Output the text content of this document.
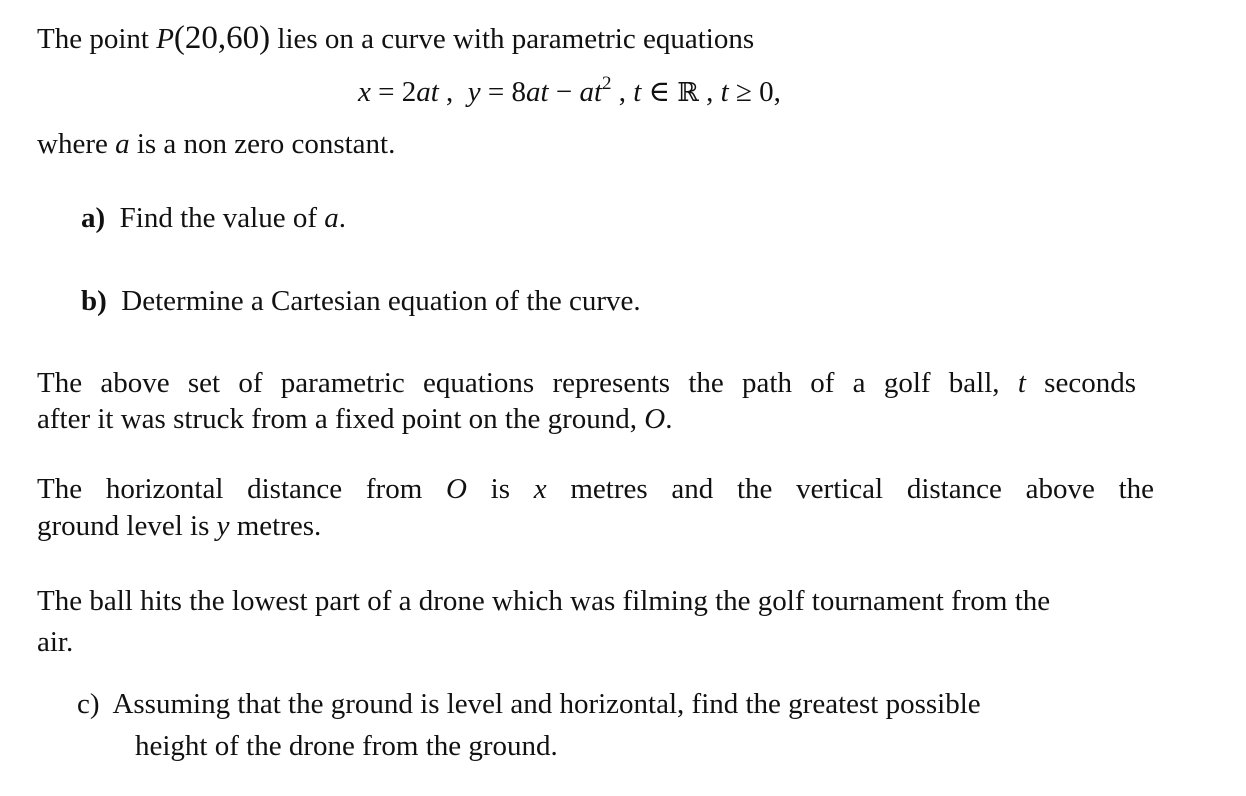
The point P(20,60) lies on a curve with parametric equations
x = 2at , $y = 8at - at^2$ , t ∈ ℝ , t ≥ 0,
where a is a non zero constant.
a) Find the value of a.
b) Determine a Cartesian equation of the curve.
The above set of parametric equations represents the path of a golf ball, t seconds
after it was struck from a fixed point on the ground, O.
The horizontal distance from O is x metres and the vertical distance above the
ground level is y metres.
The ball hits the lowest part of a drone which was filming the golf tournament from the
air.
c) Assuming that the ground is level and horizontal, find the greatest possible
height of the drone from the ground.
